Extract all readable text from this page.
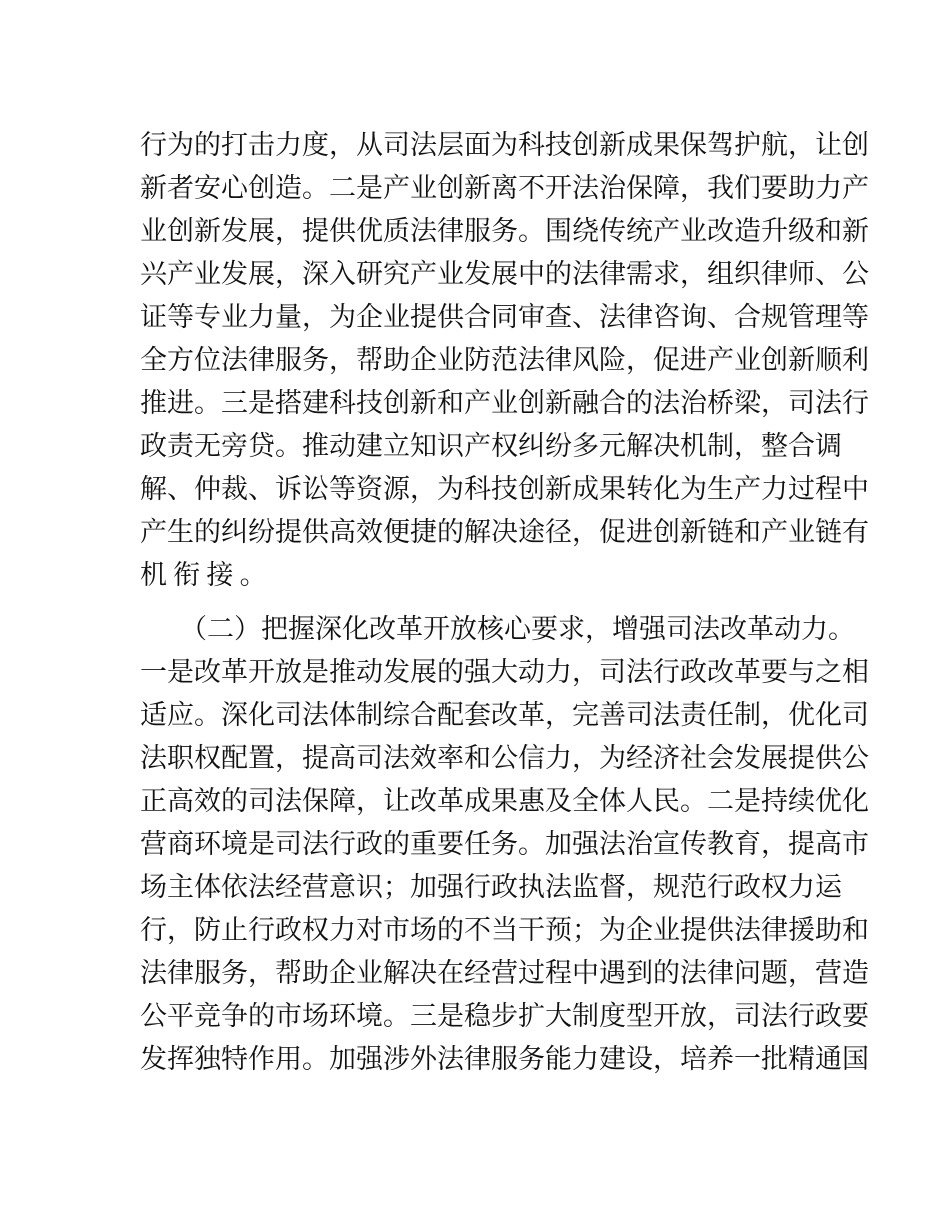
行为的打击力度，从司法层面为科技创新成果保驾护航，让创
新者安心创造。二是产业创新离不开法治保障，我们要助力产
业创新发展，提供优质法律服务。围绕传统产业改造升级和新
兴产业发展，深入研究产业发展中的法律需求，组织律师、公
证等专业力量，为企业提供合同审查、法律咨询、合规管理等
全方位法律服务，帮助企业防范法律风险，促进产业创新顺利
推进。三是搭建科技创新和产业创新融合的法治桥梁，司法行
政责无旁贷。推动建立知识产权纠纷多元解决机制，整合调
解、仲裁、诉讼等资源，为科技创新成果转化为生产力过程中
产生的纠纷提供高效便捷的解决途径，促进创新链和产业链有
机衔接。
（二）把握深化改革开放核心要求，增强司法改革动力。
一是改革开放是推动发展的强大动力，司法行政改革要与之相
适应。深化司法体制综合配套改革，完善司法责任制，优化司
法职权配置，提高司法效率和公信力，为经济社会发展提供公
正高效的司法保障，让改革成果惠及全体人民。二是持续优化
营商环境是司法行政的重要任务。加强法治宣传教育，提高市
场主体依法经营意识；加强行政执法监督，规范行政权力运
行，防止行政权力对市场的不当干预；为企业提供法律援助和
法律服务，帮助企业解决在经营过程中遇到的法律问题，营造
公平竞争的市场环境。三是稳步扩大制度型开放，司法行政要
发挥独特作用。加强涉外法律服务能力建设，培养一批精通国
